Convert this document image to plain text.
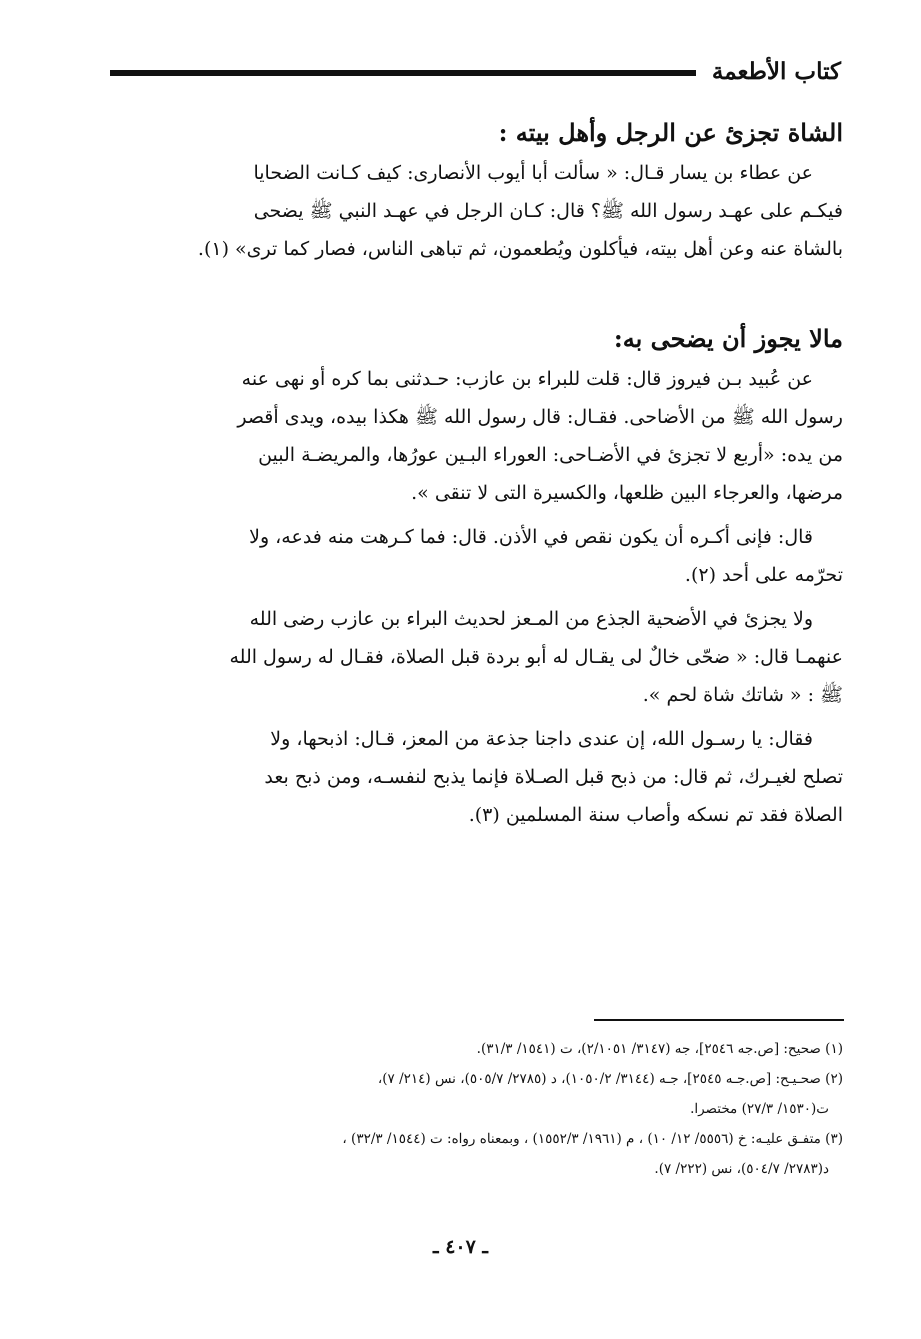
كتاب الأطعمة
الشاة تجزئ عن الرجل وأهل بيته :

عن عطاء بن يسار قـال: « سألت أبا أيوب الأنصارى: كيف كـانت الضحايا
فيكـم على عهـد رسول الله ﷺ؟ قال: كـان الرجل في عهـد النبي ﷺ يضحى
بالشاة عنه وعن أهل بيته، فيأكلون ويُطعمون، ثم تباهى الناس، فصار كما ترى» (١).

مالا يجوز أن يضحى به:

عن عُبيد بـن فيروز قال: قلت للبراء بن عازب: حـدثنى بما كره أو نهى عنه
رسول الله ﷺ من الأضاحى. فقـال: قال رسول الله ﷺ هكذا بيده، ويدى أقصر
من يده: «أربع لا تجزئ في الأضـاحى: العوراء البـين عورُها، والمريضـة البين
مرضها، والعرجاء البين ظلعها، والكسيرة التى لا تنقى ».

قال: فإنى أكـره أن يكون نقص في الأذن. قال: فما كـرهت منه فدعه، ولا
تحرّمه على أحد (٢).

ولا يجزئ في الأضحية الجذع من المـعز لحديث البراء بن عازب رضى الله
عنهمـا قال: « ضحّى خالٌ لى يقـال له أبو بردة قبل الصلاة، فقـال له رسول الله
ﷺ : « شاتك شاة لحم ».

فقال: يا رسـول الله، إن عندى داجنا جذعة من المعز، قـال: اذبحها، ولا
تصلح لغيـرك، ثم قال: من ذبح قبل الصـلاة فإنما يذبح لنفسـه، ومن ذبح بعد
الصلاة فقد تم نسكه وأصاب سنة المسلمين (٣).

(١) صحيح: [ص.جه ٢٥٤٦]، جه (٣١٤٧/ ٢/١٠٥١)، ت (١٥٤١/ ٣١/٣).
(٢) صحـيـح: [ص.جـه ٢٥٤٥]، جـه (٣١٤٤/ ١٠٥٠/٢)، د (٢٧٨٥/ ٥٠٥/٧)، نس (٢١٤/ ٧)،
ت(١٥٣٠/ ٢٧/٣) مختصرا.
(٣) متفـق عليـه: خ (٥٥٥٦/ ١٢/ ١٠) ، م (١٩٦١/ ١٥٥٢/٣) ، وبمعناه رواه: ت (١٥٤٤/ ٣٢/٣) ،
د(٢٧٨٣/ ٥٠٤/٧)، نس (٢٢٢/ ٧).
ـ ٤٠٧ ـ
